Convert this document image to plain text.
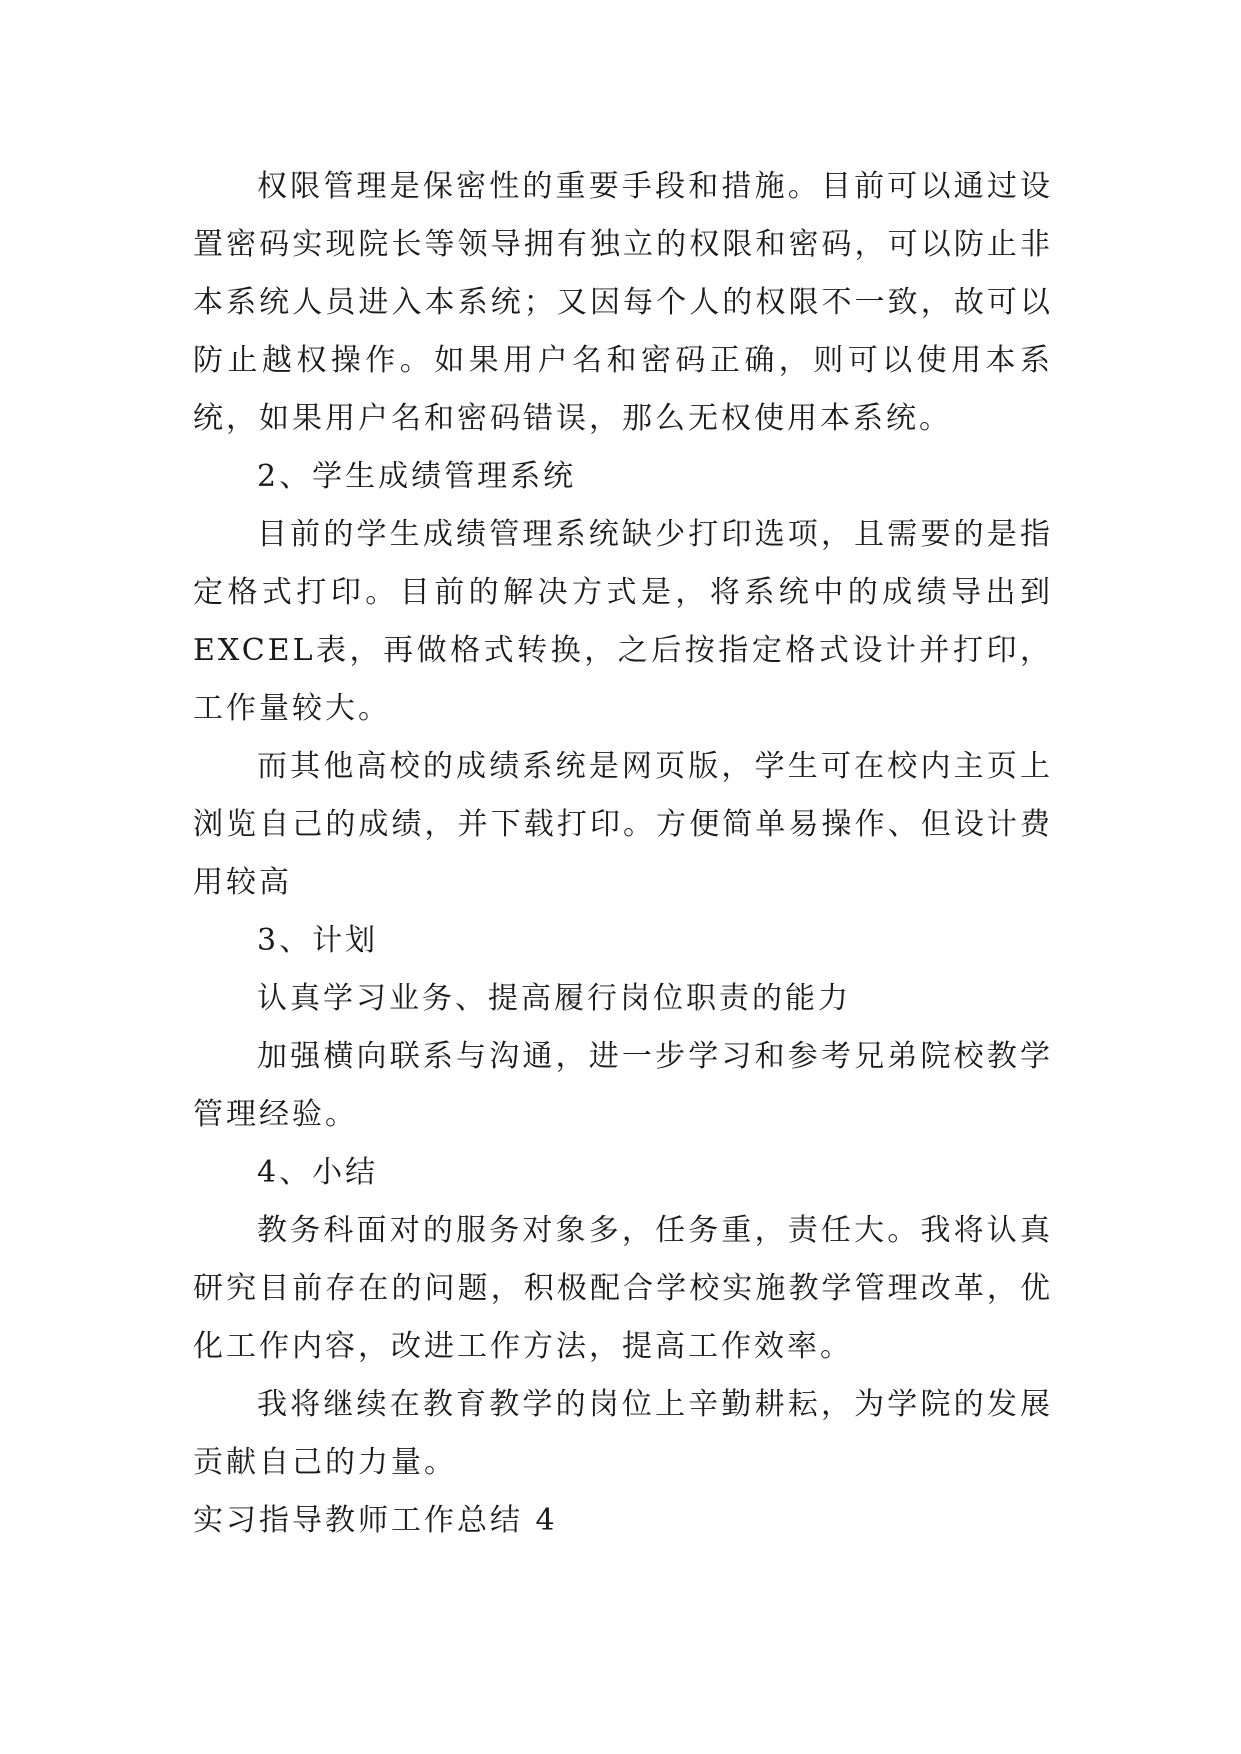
权限管理是保密性的重要手段和措施。目前可以通过设置密码实现院长等领导拥有独立的权限和密码，可以防止非本系统人员进入本系统；又因每个人的权限不一致，故可以防止越权操作。如果用户名和密码正确，则可以使用本系统，如果用户名和密码错误，那么无权使用本系统。

2、学生成绩管理系统

目前的学生成绩管理系统缺少打印选项，且需要的是指定格式打印。目前的解决方式是，将系统中的成绩导出到EXCEL表，再做格式转换，之后按指定格式设计并打印，工作量较大。

而其他高校的成绩系统是网页版，学生可在校内主页上浏览自己的成绩，并下载打印。方便简单易操作、但设计费用较高

3、计划

认真学习业务、提高履行岗位职责的能力

加强横向联系与沟通，进一步学习和参考兄弟院校教学管理经验。

4、小结

教务科面对的服务对象多，任务重，责任大。我将认真研究目前存在的问题，积极配合学校实施教学管理改革，优化工作内容，改进工作方法，提高工作效率。

我将继续在教育教学的岗位上辛勤耕耘，为学院的发展贡献自己的力量。

实习指导教师工作总结 4
